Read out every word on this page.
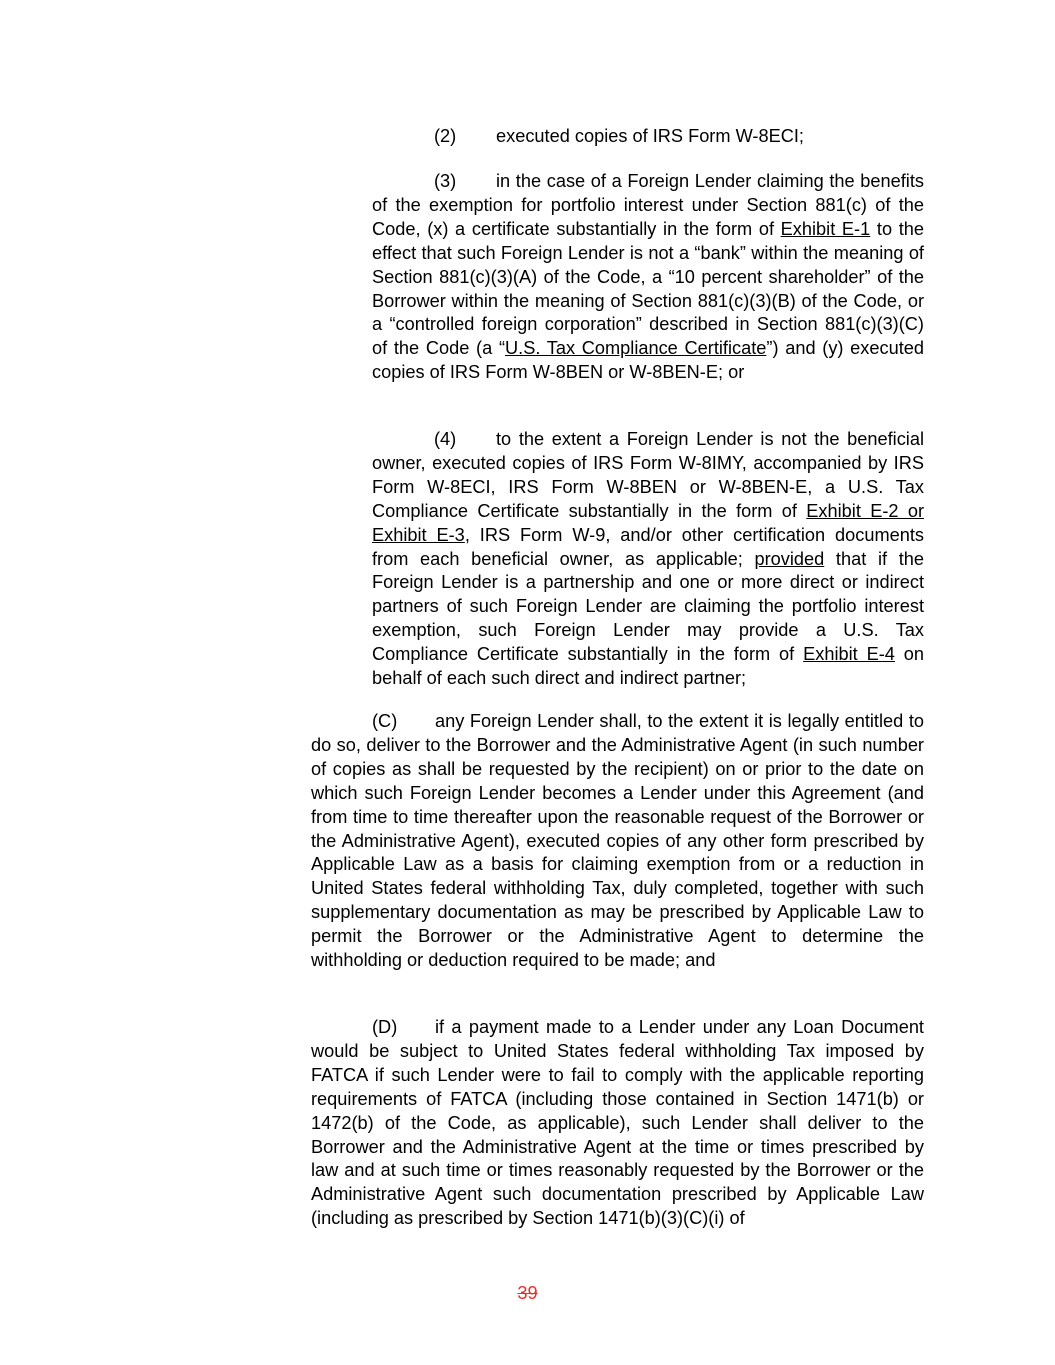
(2) executed copies of IRS Form W-8ECI;

(3) in the case of a Foreign Lender claiming the benefits of the exemption for portfolio interest under Section 881(c) of the Code, (x) a certificate substantially in the form of Exhibit E-1 to the effect that such Foreign Lender is not a “bank” within the meaning of Section 881(c)(3)(A) of the Code, a “10 percent shareholder” of the Borrower within the meaning of Section 881(c)(3)(B) of the Code, or a “controlled foreign corporation” described in Section 881(c)(3)(C) of the Code (a “U.S. Tax Compliance Certificate”) and (y) executed copies of IRS Form W-8BEN or W-8BEN-E; or

(4) to the extent a Foreign Lender is not the beneficial owner, executed copies of IRS Form W-8IMY, accompanied by IRS Form W-8ECI, IRS Form W-8BEN or W-8BEN-E, a U.S. Tax Compliance Certificate substantially in the form of Exhibit E-2 or Exhibit E-3, IRS Form W-9, and/or other certification documents from each beneficial owner, as applicable; provided that if the Foreign Lender is a partnership and one or more direct or indirect partners of such Foreign Lender are claiming the portfolio interest exemption, such Foreign Lender may provide a U.S. Tax Compliance Certificate substantially in the form of Exhibit E-4 on behalf of each such direct and indirect partner;

(C) any Foreign Lender shall, to the extent it is legally entitled to do so, deliver to the Borrower and the Administrative Agent (in such number of copies as shall be requested by the recipient) on or prior to the date on which such Foreign Lender becomes a Lender under this Agreement (and from time to time thereafter upon the reasonable request of the Borrower or the Administrative Agent), executed copies of any other form prescribed by Applicable Law as a basis for claiming exemption from or a reduction in United States federal withholding Tax, duly completed, together with such supplementary documentation as may be prescribed by Applicable Law to permit the Borrower or the Administrative Agent to determine the withholding or deduction required to be made; and

(D) if a payment made to a Lender under any Loan Document would be subject to United States federal withholding Tax imposed by FATCA if such Lender were to fail to comply with the applicable reporting requirements of FATCA (including those contained in Section 1471(b) or 1472(b) of the Code, as applicable), such Lender shall deliver to the Borrower and the Administrative Agent at the time or times prescribed by law and at such time or times reasonably requested by the Borrower or the Administrative Agent such documentation prescribed by Applicable Law (including as prescribed by Section 1471(b)(3)(C)(i) of

39
